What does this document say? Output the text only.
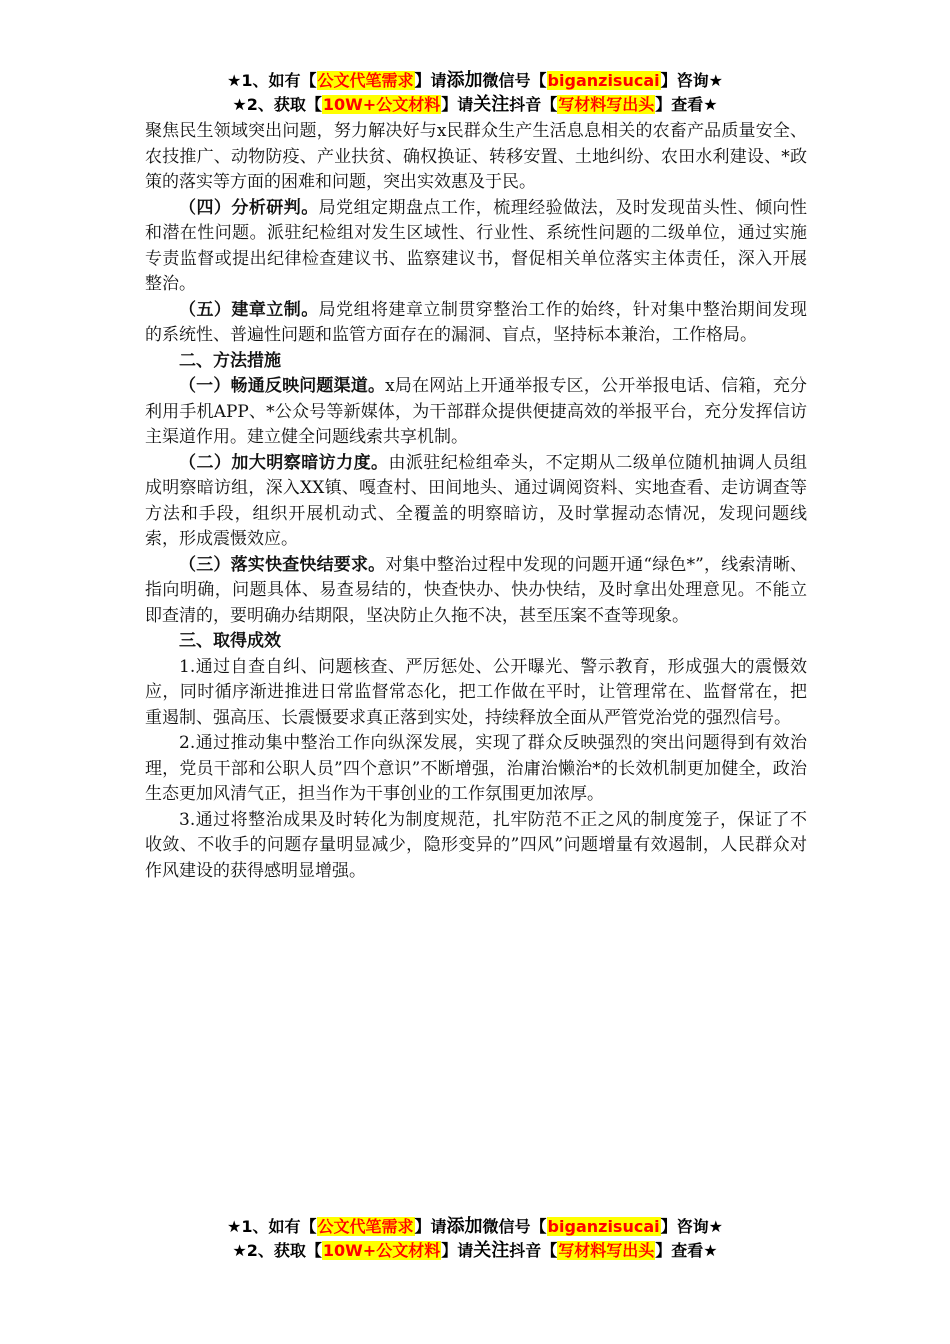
★1、如有【公文代笔需求】请添加微信号【biganzisucai】咨询★
★2、获取【10W+公文材料】请关注抖音【写材料写出头】查看★

聚焦民生领域突出问题，努力解决好与x民群众生产生活息息相关的农畜产品质量安全、农技推广、动物防疫、产业扶贫、确权换证、转移安置、土地纠纷、农田水利建设、*政策的落实等方面的困难和问题，突出实效惠及于民。

（四）分析研判。局党组定期盘点工作，梳理经验做法，及时发现苗头性、倾向性和潜在性问题。派驻纪检组对发生区域性、行业性、系统性问题的二级单位，通过实施专责监督或提出纪律检查建议书、监察建议书，督促相关单位落实主体责任，深入开展整治。

（五）建章立制。局党组将建章立制贯穿整治工作的始终，针对集中整治期间发现的系统性、普遍性问题和监管方面存在的漏洞、盲点，坚持标本兼治，工作格局。

二、方法措施

（一）畅通反映问题渠道。x局在网站上开通举报专区，公开举报电话、信箱，充分利用手机APP、*公众号等新媒体，为干部群众提供便捷高效的举报平台，充分发挥信访主渠道作用。建立健全问题线索共享机制。

（二）加大明察暗访力度。由派驻纪检组牵头，不定期从二级单位随机抽调人员组成明察暗访组，深入XX镇、嘎查村、田间地头、通过调阅资料、实地查看、走访调查等方法和手段，组织开展机动式、全覆盖的明察暗访，及时掌握动态情况，发现问题线索，形成震慑效应。

（三）落实快查快结要求。对集中整治过程中发现的问题开通“绿色*”，线索清晰、指向明确，问题具体、易查易结的，快查快办、快办快结，及时拿出处理意见。不能立即查清的，要明确办结期限，坚决防止久拖不决，甚至压案不查等现象。

三、取得成效

1.通过自查自纠、问题核查、严厉惩处、公开曝光、警示教育，形成强大的震慑效应，同时循序渐进推进日常监督常态化，把工作做在平时，让管理常在、监督常在，把重遏制、强高压、长震慑要求真正落到实处，持续释放全面从严管党治党的强烈信号。

2.通过推动集中整治工作向纵深发展，实现了群众反映强烈的突出问题得到有效治理，党员干部和公职人员”四个意识”不断增强，治庸治懒治*的长效机制更加健全，政治生态更加风清气正，担当作为干事创业的工作氛围更加浓厚。

3.通过将整治成果及时转化为制度规范，扎牢防范不正之风的制度笼子，保证了不收敛、不收手的问题存量明显减少，隐形变异的”四风”问题增量有效遏制，人民群众对作风建设的获得感明显增强。

★1、如有【公文代笔需求】请添加微信号【biganzisucai】咨询★
★2、获取【10W+公文材料】请关注抖音【写材料写出头】查看★
